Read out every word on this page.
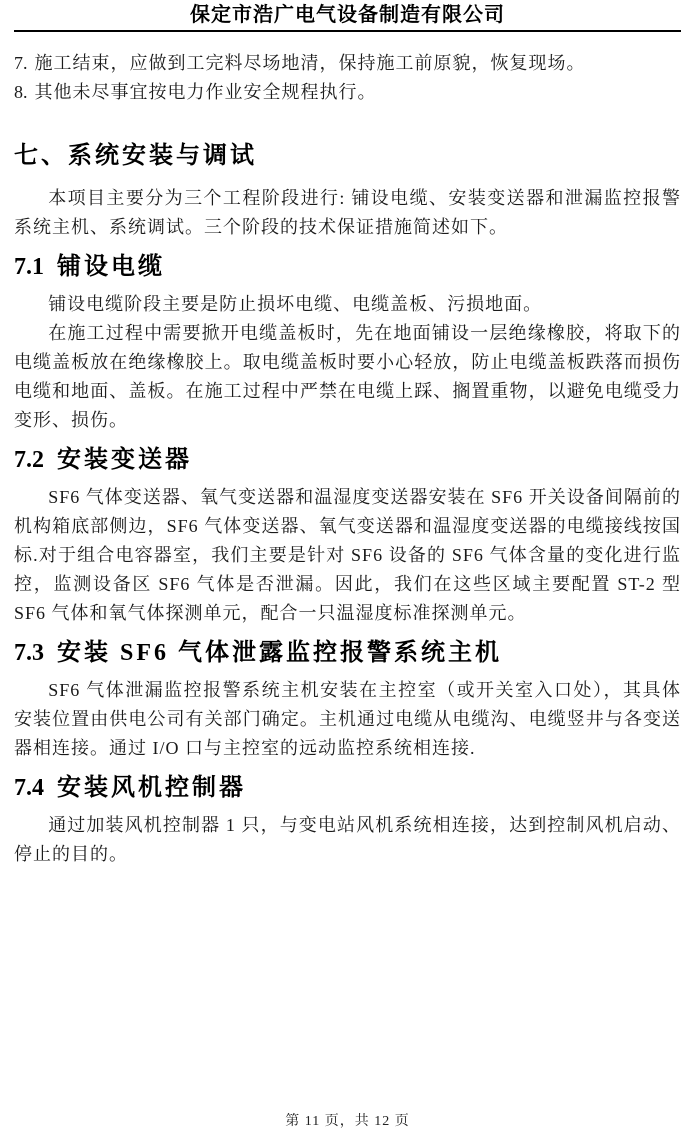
保定市浩广电气设备制造有限公司
7. 施工结束，应做到工完料尽场地清，保持施工前原貌，恢复现场。
8. 其他未尽事宜按电力作业安全规程执行。
七、系统安装与调试

本项目主要分为三个工程阶段进行: 铺设电缆、安装变送器和泄漏监控报警系统主机、系统调试。三个阶段的技术保证措施简述如下。

7.1 铺设电缆

铺设电缆阶段主要是防止损坏电缆、电缆盖板、污损地面。

在施工过程中需要掀开电缆盖板时，先在地面铺设一层绝缘橡胶，将取下的电缆盖板放在绝缘橡胶上。取电缆盖板时要小心轻放，防止电缆盖板跌落而损伤电缆和地面、盖板。在施工过程中严禁在电缆上踩、搁置重物，以避免电缆受力变形、损伤。

7.2 安装变送器

SF6 气体变送器、氧气变送器和温湿度变送器安装在 SF6 开关设备间隔前的机构箱底部侧边，SF6 气体变送器、氧气变送器和温湿度变送器的电缆接线按国标.对于组合电容器室，我们主要是针对 SF6 设备的 SF6 气体含量的变化进行监控，监测设备区 SF6 气体是否泄漏。因此，我们在这些区域主要配置 ST-2 型 SF6 气体和氧气体探测单元，配合一只温湿度标准探测单元。

7.3 安装 SF6 气体泄露监控报警系统主机

SF6 气体泄漏监控报警系统主机安装在主控室（或开关室入口处），其具体安装位置由供电公司有关部门确定。主机通过电缆从电缆沟、电缆竖井与各变送器相连接。通过 I/O 口与主控室的远动监控系统相连接.

7.4 安装风机控制器

通过加装风机控制器 1 只，与变电站风机系统相连接，达到控制风机启动、停止的目的。

第 11 页，共 12 页
